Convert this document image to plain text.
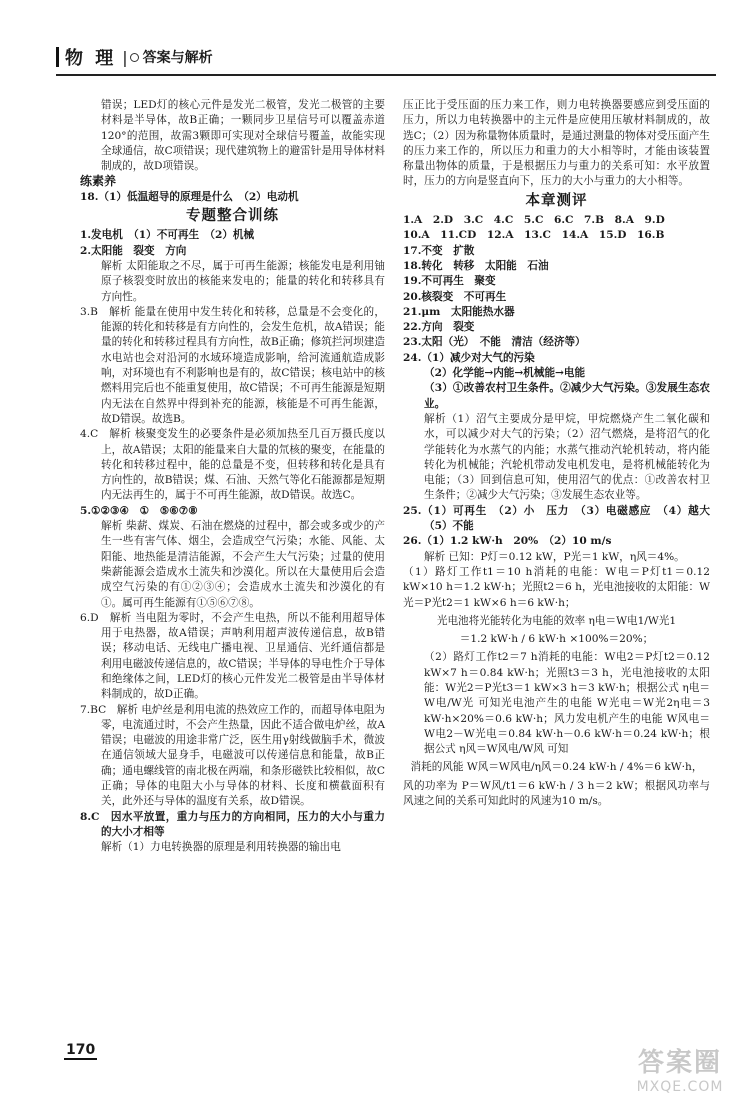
物 理 | 答案与解析

错误；LED灯的核心元件是发光二极管，发光二极管的主要材料是半导体，故B正确；一颗同步卫星信号可以覆盖赤道120°的范围，故需3颗即可实现对全球信号覆盖，故能实现全球通信，故C项错误；现代建筑物上的避雷针是用导体材料制成的，故D项错误。

练素养

18.（1）低温超导的原理是什么　（2）电动机

专题整合训练

1.发电机　（1）不可再生　（2）机械

2.太阳能　裂变　方向

解析 太阳能取之不尽，属于可再生能源；核能发电是利用铀原子核裂变时放出的核能来发电的；能量的转化和转移具有方向性。

3.B　解析 能量在使用中发生转化和转移，总量是不会变化的，能源的转化和转移是有方向性的，会发生危机，故A错误；能量的转化和转移过程具有方向性，故B正确；修筑拦河坝建造水电站也会对沿河的水域环境造成影响，给河流通航造成影响，对环境也有不利影响也是有的，故C错误；核电站中的核燃料用完后也不能重复使用，故C错误；不可再生能源是短期内无法在自然界中得到补充的能源，核能是不可再生能源，故D错误。故选B。

4.C　解析 核聚变发生的必要条件是必须加热至几百万摄氏度以上，故A错误；太阳的能量来自大量的氘核的聚变，在能量的转化和转移过程中，能的总量是不变，但转移和转化是具有方向性的，故B错误；煤、石油、天然气等化石能源都是短期内无法再生的，属于不可再生能源，故D错误。故选C。

5.①②③④　①　⑤⑥⑦⑧

解析 柴薪、煤炭、石油在燃烧的过程中，都会或多或少的产生一些有害气体、烟尘，会造成空气污染；水能、风能、太阳能、地热能是清洁能源，不会产生大气污染；过量的使用柴薪能源会造成水土流失和沙漠化。所以在大量使用后会造成空气污染的有①②③④；会造成水土流失和沙漠化的有①。属可再生能源有①⑤⑥⑦⑧。

6.D　解析 当电阻为零时，不会产生电热，所以不能利用超导体用于电热器，故A错误；声呐利用超声波传递信息，故B错误；移动电话、无线电广播电视、卫星通信、光纤通信都是利用电磁波传递信息的，故C错误；半导体的导电性介于导体和绝缘体之间，LED灯的核心元件发光二极管是由半导体材料制成的，故D正确。

7.BC　解析 电炉丝是利用电流的热效应工作的，而超导体电阻为零，电流通过时，不会产生热量，因此不适合做电炉丝，故A错误；电磁波的用途非常广泛，医生用γ射线做脑手术，微波在通信领域大显身手，电磁波可以传递信息和能量，故B正确；通电螺线管的南北极在两端，和条形磁铁比较相似，故C正确；导体的电阻大小与导体的材料、长度和横截面积有关，此外还与导体的温度有关系，故D错误。

8.C　因水平放置，重力与压力的方向相同，压力的大小与重力的大小才相等

解析（1）力电转换器的原理是利用转换器的输出电

压正比于受压面的压力来工作，则力电转换器要感应到受压面的压力，所以力电转换器中的主元件是应使用压敏材料制成的，故选C；（2）因为称量物体质量时，是通过测量的物体对受压面产生的压力来工作的，所以压力和重力的大小相等时，才能由该装置称量出物体的质量，于是根据压力与重力的关系可知：水平放置时，压力的方向是竖直向下，压力的大小与重力的大小相等。

本章测评

1.A　2.D　3.C　4.C　5.C　6.C　7.B　8.A　9.D

10.A　11.CD　12.A　13.C　14.A　15.D　16.B

17.不变　扩散

18.转化　转移　太阳能　石油

19.不可再生　聚变

20.核裂变　不可再生

21.μm　太阳能热水器

22.方向　裂变

23.太阳（光）　不能　清洁（经济等）

24.（1）减少对大气的污染

（2）化学能→内能→机械能→电能

（3）①改善农村卫生条件。②减少大气污染。③发展生态农业。

解析（1）沼气主要成分是甲烷，甲烷燃烧产生二氧化碳和水，可以减少对大气的污染；（2）沼气燃烧，是将沼气的化学能转化为水蒸气的内能；水蒸气推动汽轮机转动，将内能转化为机械能；汽轮机带动发电机发电，是将机械能转化为电能；（3）回到信息可知，使用沼气的优点：①改善农村卫生条件；②减少大气污染；③发展生态农业等。

25.（1）可再生　（2）小　压力　（3）电磁感应　（4）越大　（5）不能

26.（1）1.2 kW·h　20%　（2）10 m/s

解析 已知：P灯＝0.12 kW，P光＝1 kW，η风＝4%。

（1）路灯工作t1＝10 h消耗的电能：W电＝P灯t1＝0.12 kW×10 h＝1.2 kW·h；光照t2＝6 h，光电池接收的太阳能：W光＝P光t2＝1 kW×6 h＝6 kW·h；

光电池将光能转化为电能的效率 η电＝W电1/W光1

＝1.2 kW·h / 6 kW·h ×100%＝20%；

（2）路灯工作t2＝7 h消耗的电能：W电2＝P灯t2＝0.12 kW×7 h＝0.84 kW·h；光照t3＝3 h，光电池接收的太阳能：W光2＝P光t3＝1 kW×3 h＝3 kW·h；根据公式 η电＝W电/W光 可知光电池产生的电能 W光电＝W光2η电＝3 kW·h×20%＝0.6 kW·h；风力发电机产生的电能 W风电＝W电2－W光电＝0.84 kW·h－0.6 kW·h＝0.24 kW·h；根据公式 η风＝W风电/W风 可知

消耗的风能 W风＝W风电/η风＝0.24 kW·h / 4%＝6 kW·h，

风的功率为 P＝W风/t1＝6 kW·h / 3 h＝2 kW；根据风功率与风速之间的关系可知此时的风速为10 m/s。

170	答案圈
MXQE.COM
